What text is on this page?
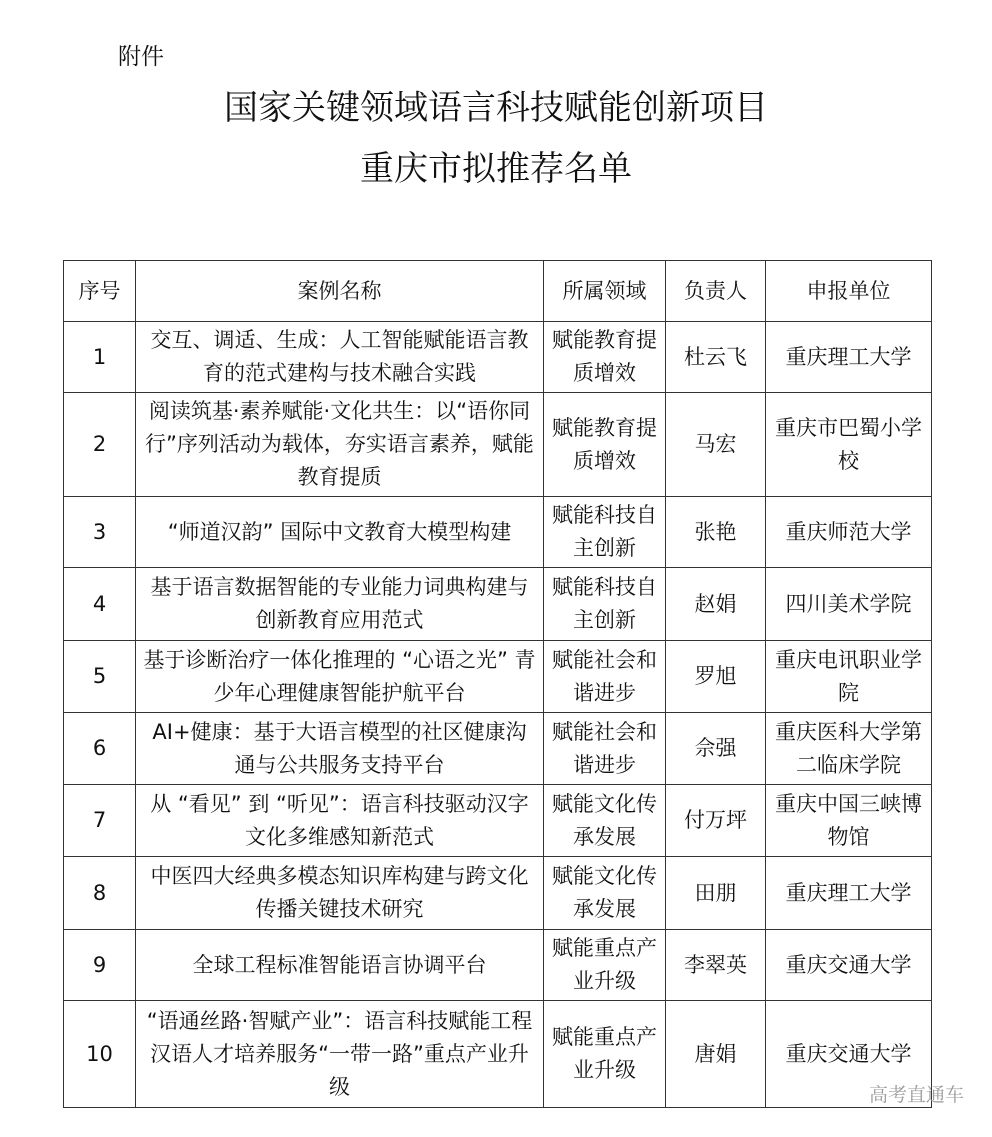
附件
国家关键领域语言科技赋能创新项目
重庆市拟推荐名单
序号	案例名称	所属领域	负责人	申报单位
1	交互、调适、生成：人工智能赋能语言教育的范式建构与技术融合实践	赋能教育提质增效	杜云飞	重庆理工大学
2	阅读筑基·素养赋能·文化共生：以“语你同行”序列活动为载体，夯实语言素养，赋能教育提质	赋能教育提质增效	马宏	重庆市巴蜀小学校
3	“师道汉韵” 国际中文教育大模型构建	赋能科技自主创新	张艳	重庆师范大学
4	基于语言数据智能的专业能力词典构建与创新教育应用范式	赋能科技自主创新	赵娟	四川美术学院
5	基于诊断治疗一体化推理的 “心语之光” 青少年心理健康智能护航平台	赋能社会和谐进步	罗旭	重庆电讯职业学院
6	AI+健康：基于大语言模型的社区健康沟通与公共服务支持平台	赋能社会和谐进步	佘强	重庆医科大学第二临床学院
7	从 “看见” 到 “听见”：语言科技驱动汉字文化多维感知新范式	赋能文化传承发展	付万坪	重庆中国三峡博物馆
8	中医四大经典多模态知识库构建与跨文化传播关键技术研究	赋能文化传承发展	田朋	重庆理工大学
9	全球工程标准智能语言协调平台	赋能重点产业升级	李翠英	重庆交通大学
10	“语通丝路·智赋产业”：语言科技赋能工程汉语人才培养服务“一带一路”重点产业升级	赋能重点产业升级	唐娟	重庆交通大学
高考直通车
